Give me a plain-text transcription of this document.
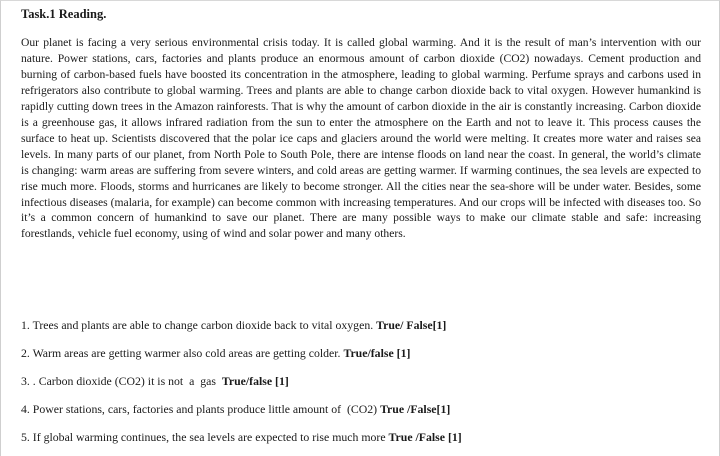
Task.1 Reading.

Our planet is facing a very serious environmental crisis today. It is called global warming. And it is the result of man’s intervention with our nature. Power stations, cars, factories and plants produce an enormous amount of carbon dioxide (CO2) nowadays. Cement production and burning of carbon-based fuels have boosted its concentration in the atmosphere, leading to global warming. Perfume sprays and carbons used in refrigerators also contribute to global warming. Trees and plants are able to change carbon dioxide back to vital oxygen. However humankind is rapidly cutting down trees in the Amazon rainforests. That is why the amount of carbon dioxide in the air is constantly increasing. Carbon dioxide is a greenhouse gas, it allows infrared radiation from the sun to enter the atmosphere on the Earth and not to leave it. This process causes the surface to heat up. Scientists discovered that the polar ice caps and glaciers around the world were melting. It creates more water and raises sea levels. In many parts of our planet, from North Pole to South Pole, there are intense floods on land near the coast. In general, the world’s climate is changing: warm areas are suffering from severe winters, and cold areas are getting warmer. If warming continues, the sea levels are expected to rise much more. Floods, storms and hurricanes are likely to become stronger. All the cities near the sea-shore will be under water. Besides, some infectious diseases (malaria, for example) can become common with increasing temperatures. And our crops will be infected with diseases too. So it’s a common concern of humankind to save our planet. There are many possible ways to make our climate stable and safe: increasing forestlands, vehicle fuel economy, using of wind and solar power and many others.

1. Trees and plants are able to change carbon dioxide back to vital oxygen. True/ False[1]
2. Warm areas are getting warmer also cold areas are getting colder. True/false [1]
3. . Carbon dioxide (CO2) it is not  a  gas  True/false [1]
4. Power stations, cars, factories and plants produce little amount of  (CO2) True /False[1]
5. If global warming continues, the sea levels are expected to rise much more True /False [1]
